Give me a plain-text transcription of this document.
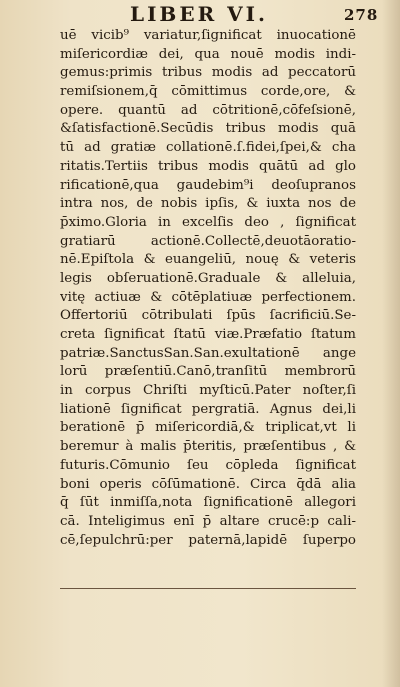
LIBER VI.	278
uē vicib⁹ variatur,ſignificat inuocationē
miſericordiæ dei, qua nouē modis indi-
gemus:primis tribus modis ad peccatorū
remiſsionem,q̄ cōmittimus corde,ore, &
opere. quantū ad cōtritionē,cōfeſsionē,
&ſatisfactionē.Secūdis tribus modis quā
tū ad gratiæ collationē.ſ.fidei,ſpei,& cha
ritatis.Tertiis tribus modis quātū ad glo
rificationē,qua gaudebim⁹i deoſupranos
intra nos, de nobis ipſis, & iuxta nos de
p̄ximo.Gloria in excelſis deo , ſignificat
gratiarū actionē.Collectē,deuotāoratio-
nē.Epiſtola & euangeliū, nouę & veteris
legis obſeruationē.Graduale & alleluia,
vitę actiuæ & cōtēplatiuæ perfectionem.
Offertoriū cōtribulati ſpūs ſacrificiū.Se-
creta ſignificat ſtatū viæ.Præfatio ſtatum
patriæ.SanctusSan.San.exultationē ange
lorū præſentiū.Canō,tranſitū membrorū
in corpus Chriſti myſticū.Pater noſter,ſi
liationē ſignificat pergratiā. Agnus dei,li
berationē p̄ miſericordiā,& triplicat,vt li
beremur à malis p̄teritis, præſentibus , &
futuris.Cōmunio ſeu cōpleda ſignificat
boni operis cōſūmationē. Circa q̄dā alia
q̄ ſūt inmiſſa,nota ſignificationē allegori
cā. Inteligimus enī p̄ altare crucē:p cali-
cē,ſepulchrū:per paternā,lapidē ſuperpo
